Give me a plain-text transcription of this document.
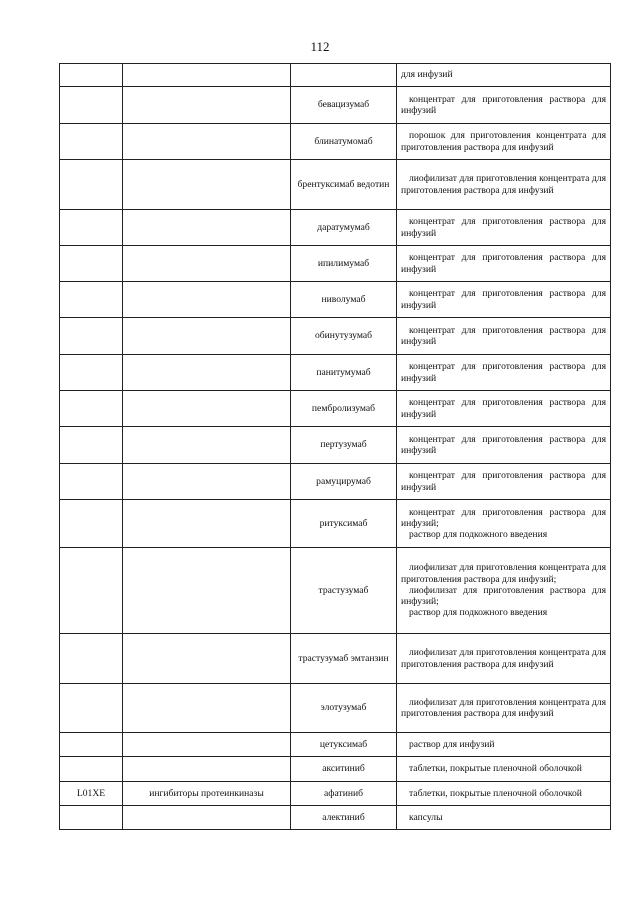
112

			для инфузий

		бевацизумаб	концентрат для приготовления раствора для инфузий

		блинатумомаб	порошок для приготовления концентрата для приготовления раствора для инфузий

		брентуксимаб ведотин	лиофилизат для приготовления концентрата для приготовления раствора для инфузий

		даратумумаб	концентрат для приготовления раствора для инфузий

		ипилимумаб	концентрат для приготовления раствора для инфузий

		ниволумаб	концентрат для приготовления раствора для инфузий

		обинутузумаб	концентрат для приготовления раствора для инфузий

		панитумумаб	концентрат для приготовления раствора для инфузий

		пембролизумаб	концентрат для приготовления раствора для инфузий

		пертузумаб	концентрат для приготовления раствора для инфузий

		рамуцирумаб	концентрат для приготовления раствора для инфузий

		ритуксимаб	концентрат для приготовления раствора для инфузий;
раствор для подкожного введения

		трастузумаб	лиофилизат для приготовления концентрата для приготовления раствора для инфузий;
лиофилизат для приготовления раствора для инфузий;
раствор для подкожного введения

		трастузумаб эмтанзин	лиофилизат для приготовления концентрата для приготовления раствора для инфузий

		элотузумаб	лиофилизат для приготовления концентрата для приготовления раствора для инфузий

		цетуксимаб	раствор для инфузий

		акситиниб	таблетки, покрытые пленочной оболочкой

L01XE	ингибиторы протеинкиназы	афатиниб	таблетки, покрытые пленочной оболочкой

		алектиниб	капсулы
